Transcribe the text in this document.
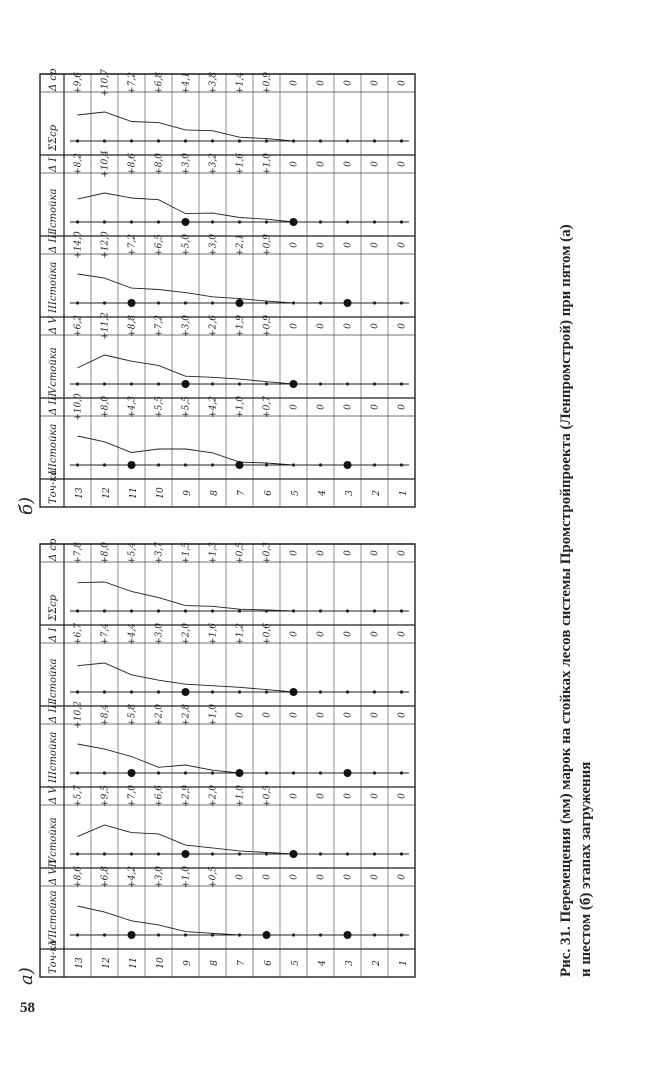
58
а)
Точ-ка 13 12 11 10 9 8 7 6 5 4 3 2 1
VIIстойка
Δ VII +8,6 +6,8 +4,2 +3,0 +1,0 +0,5 0 0 0 0 0 0 0
Vстойка
Δ V +5,7 +9,5 +7,0 +6,6 +2,9 +2,0 +1,0 +0,5 0 0 0 0 0
IIIстойка
Δ III +10,2 +8,4 +5,8 +2,0 +2,8 +1,0 0 0 0 0 0 0 0
Iстойка
Δ I +6,7 +7,4 +4,4 +3,0 +2,0 +1,6 +1,2 +0,6 0 0 0 0 0
ΣΣср
Δ ср +7,8 +8,0 +5,4 +3,7 +1,5 +1,3 +0,5 +0,3 0 0 0 0 0
б)
Точ-ка 13 12 11 10 9 8 7 6 5 4 3 2 1
IIIстойка
Δ III +10,0 +8,0 +4,3 +5,5 +5,5 +4,2 +1,0 +0,7 0 0 0 0 0
Vстойка
Δ V +6,2 +11,2 +8,8 +7,2 +3,0 +2,6 +1,9 +0,9 0 0 0 0 0
IIIстойка
Δ III +14,0 +12,0 +7,2 +6,5 +5,0 +3,0 +2,1 +0,9 0 0 0 0 0
Iстойка
Δ I +8,2 +10,4 +8,6 +8,0 +3,0 +3,2 +1,6 +1,0 0 0 0 0 0
ΣΣср
Δ ср +9,6 +10,7 +7,2 +6,8 +4,1 +3,8 +1,4 +0,9 0 0 0 0 0
Рис. 31. Перемещения (мм) марок на стойках лесов системы Промстройпроекта (Ленпромстрой) при пятом (а) и шестом (б) этапах загружения
